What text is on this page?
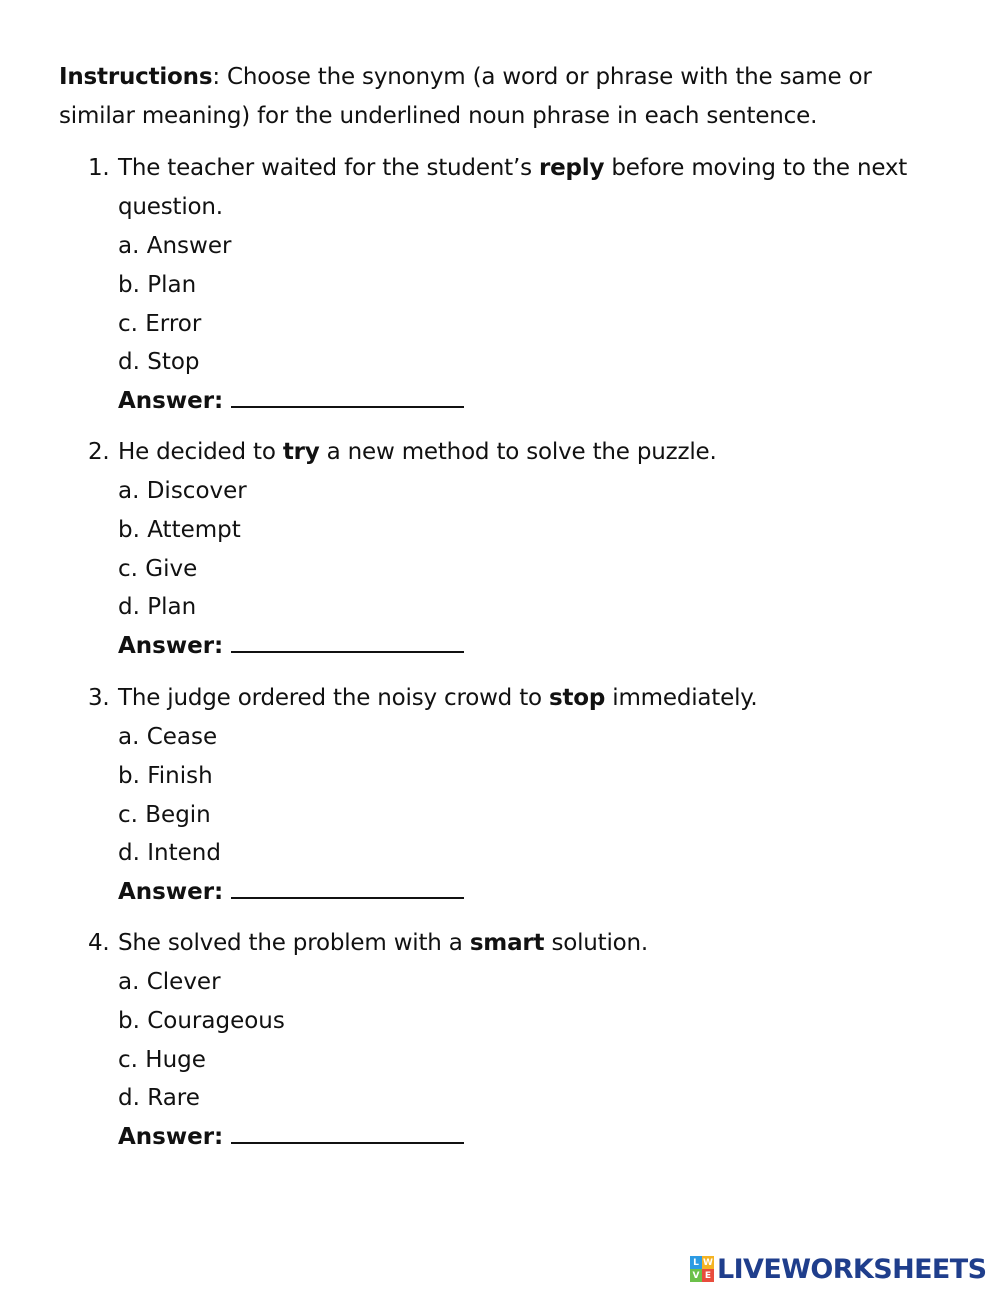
Instructions: Choose the synonym (a word or phrase with the same or similar meaning) for the underlined noun phrase in each sentence.
1. The teacher waited for the student’s reply before moving to the next question.
a. Answer
b. Plan
c. Error
d. Stop
Answer:
2. He decided to try a new method to solve the puzzle.
a. Discover
b. Attempt
c. Give
d. Plan
Answer:
3. The judge ordered the noisy crowd to stop immediately.
a. Cease
b. Finish
c. Begin
d. Intend
Answer:
4. She solved the problem with a smart solution.
a. Clever
b. Courageous
c. Huge
d. Rare
Answer:
L W
V E LIVEWORKSHEETS
